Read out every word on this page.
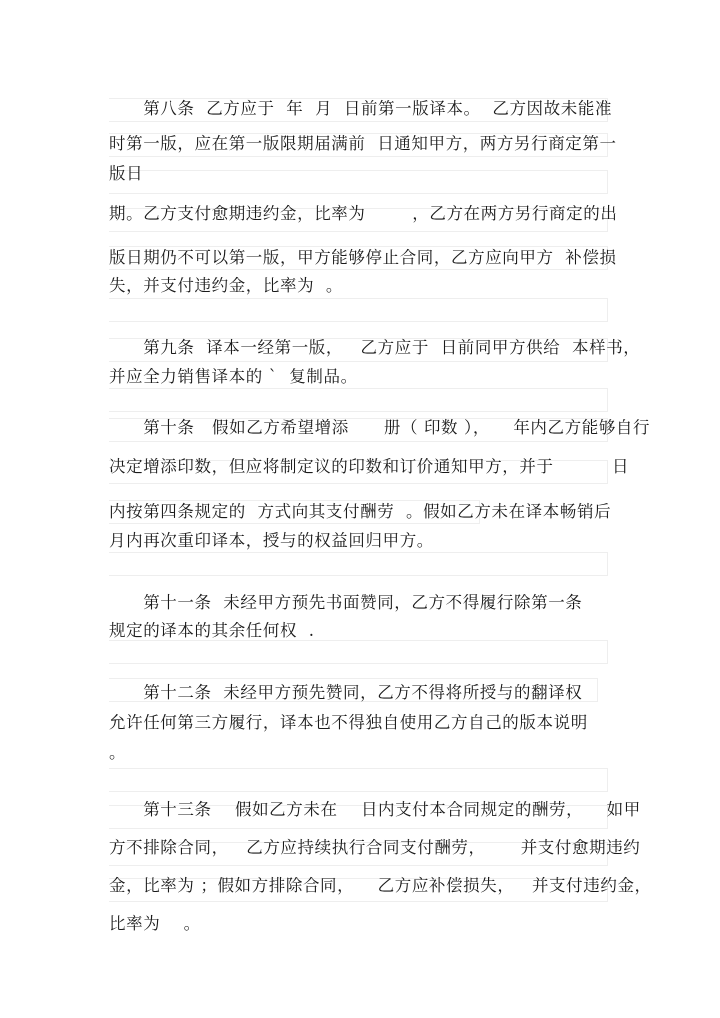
　　第八条  乙方应于  年  月  日前第一版译本。  乙方因故未能准
时第一版，应在第一版限期届满前  日通知甲方，两方另行商定第一
版日
期。乙方支付愈期违约金，比率为        ，乙方在两方另行商定的出
版日期仍不可以第一版，甲方能够停止合同，乙方应向甲方  补偿损
失，并支付违约金，比率为  。
　　第九条  译本一经第一版，   乙方应于  日前同甲方供给  本样书，
并应全力销售译本的 `  复制品。
　　第十条   假如乙方希望增添      册（ 印数 ），    年内乙方能够自行
决定增添印数，但应将制定议的印数和订价通知甲方，并于          日
内按第四条规定的  方式向其支付酬劳  。假如乙方未在译本畅销后
月内再次重印译本，授与的权益回归甲方。
　　第十一条  未经甲方预先书面赞同，乙方不得履行除第一条
规定的译本的其余任何权  .
　　第十二条  未经甲方预先赞同，乙方不得将所授与的翻译权
允许任何第三方履行，译本也不得独自使用乙方自己的版本说明
。
　　第十三条    假如乙方未在    日内支付本合同规定的酬劳，    如甲
方不排除合同，   乙方应持续执行合同支付酬劳，      并支付愈期违约
金，比率为 ；假如方排除合同，    乙方应补偿损失，   并支付违约金，
比率为    。
